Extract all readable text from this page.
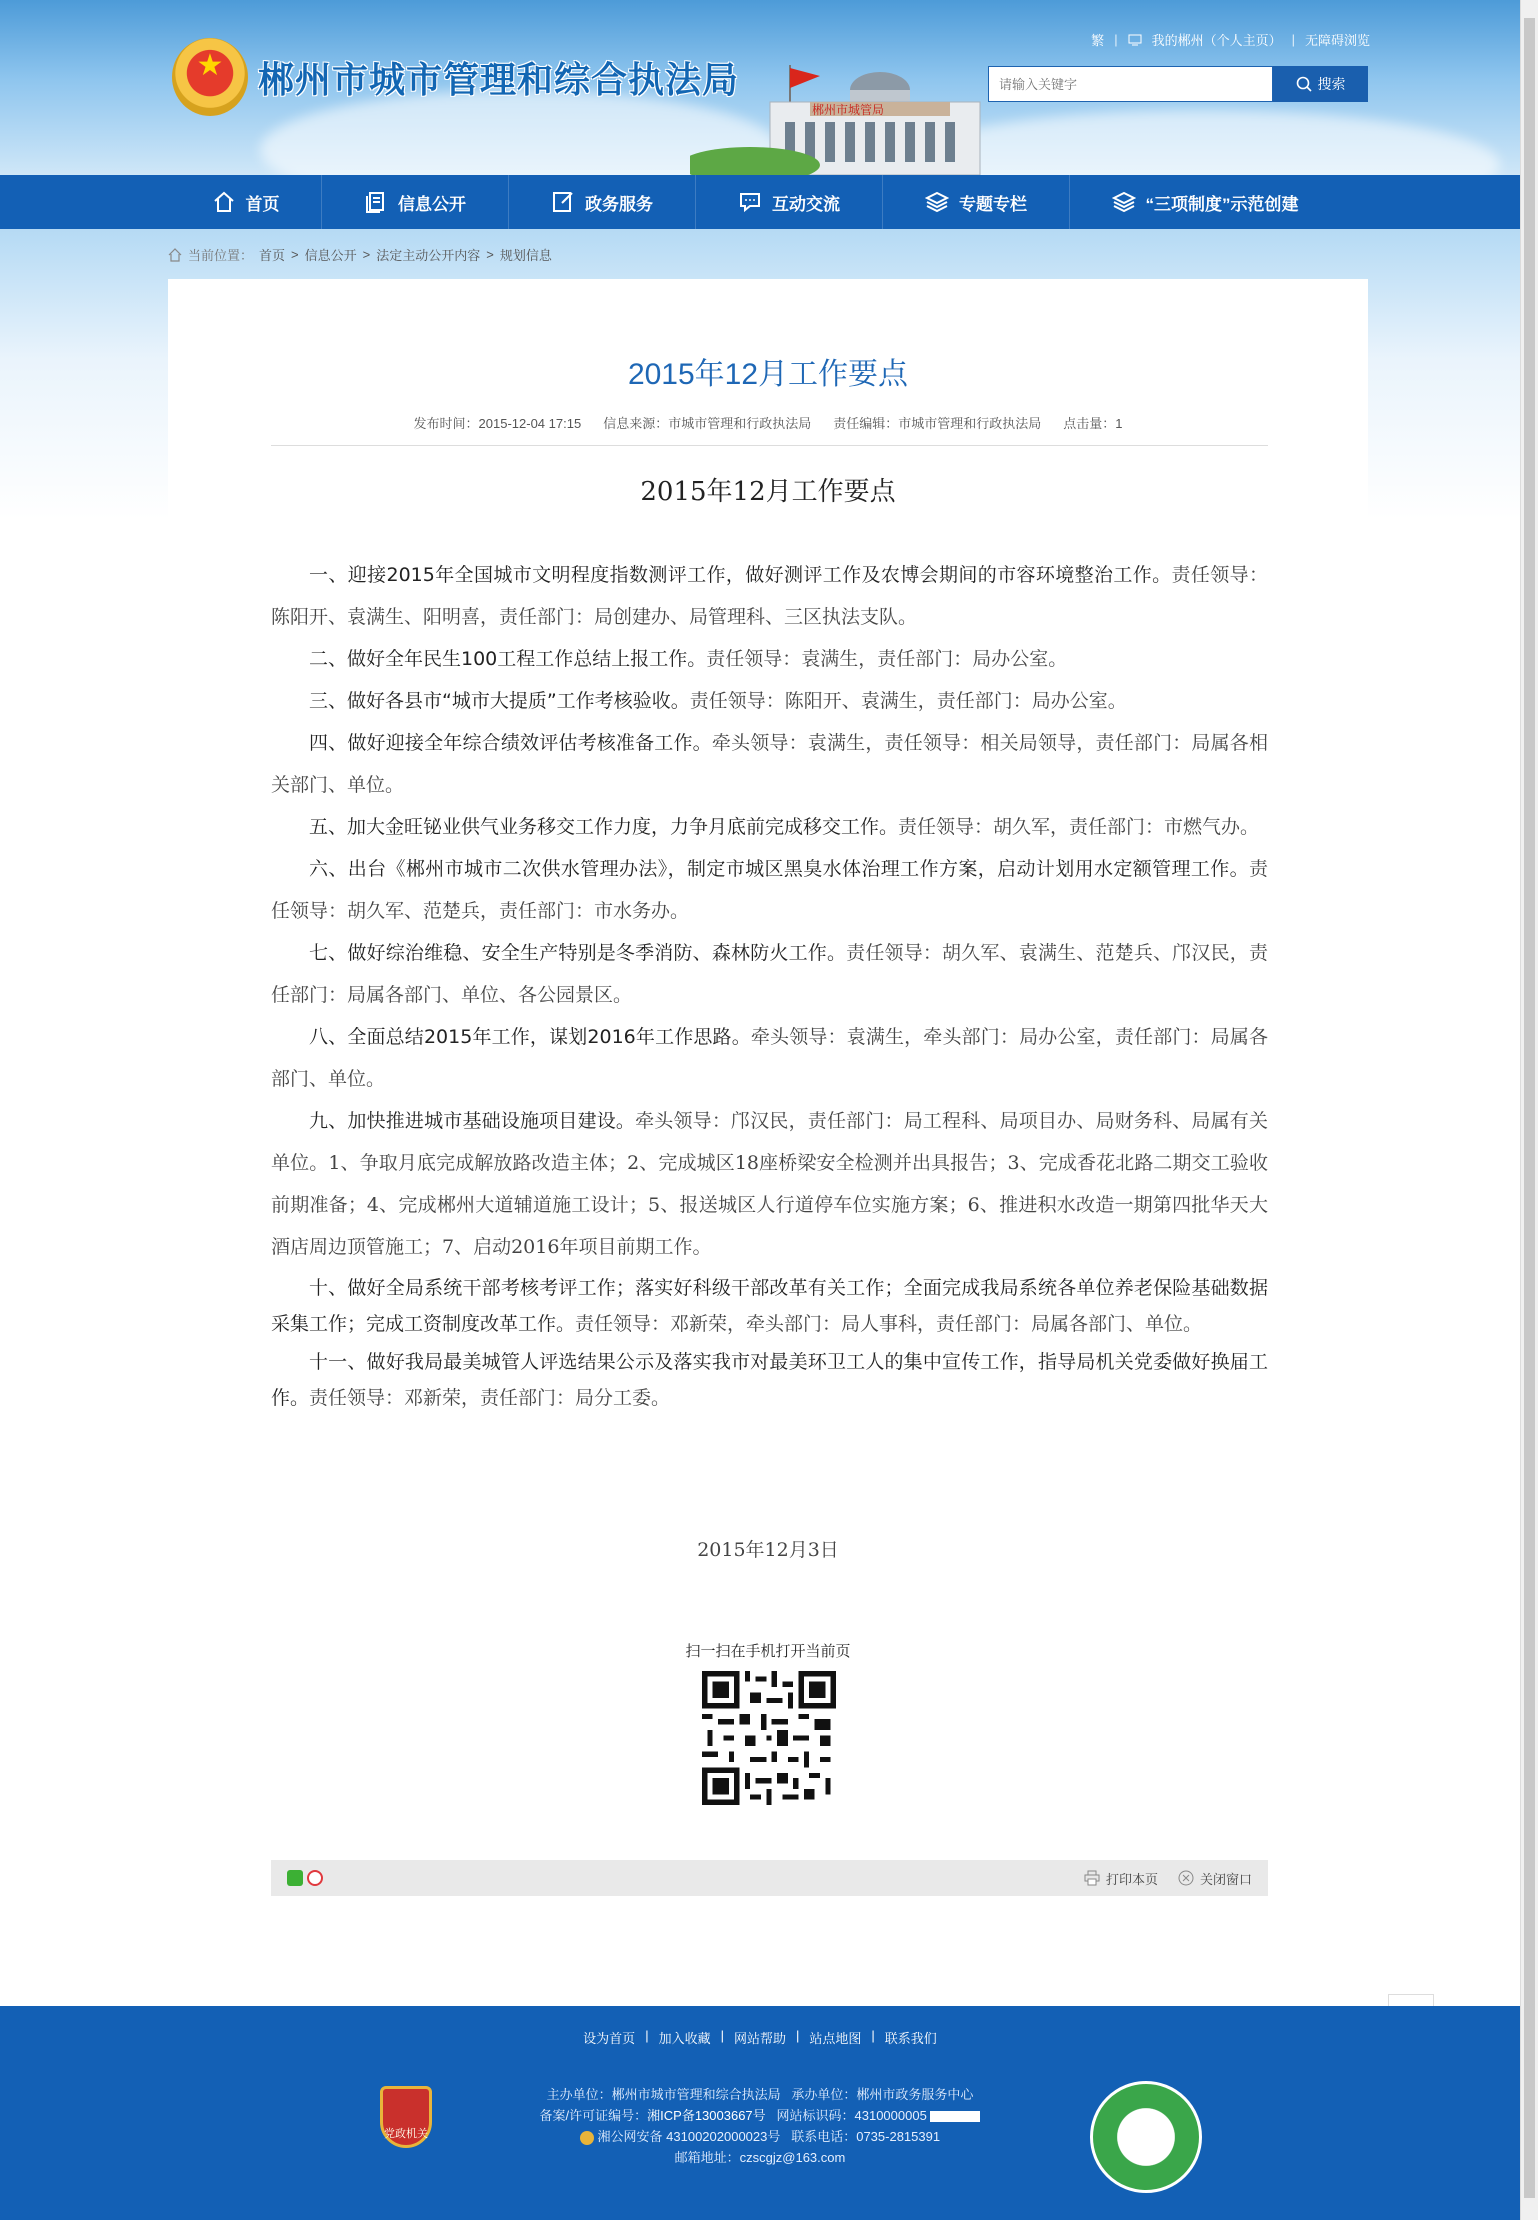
★
郴州市城市管理和综合执法局
郴州市城管局
繁 |	我的郴州（个人主页） | 无障碍浏览
请输入关键字
搜索
首页	信息公开	政务服务	互动交流	专题专栏	“三项制度”示范创建
当前位置： 首页 > 信息公开 > 法定主动公开内容 > 规划信息
2015年12月工作要点
发布时间：2015-12-04 17:15 信息来源：市城市管理和行政执法局 责任编辑：市城市管理和行政执法局 点击量：1
2015年12月工作要点

一、迎接2015年全国城市文明程度指数测评工作，做好测评工作及农博会期间的市容环境整治工作。责任领导：陈阳开、袁满生、阳明喜，责任部门：局创建办、局管理科、三区执法支队。

二、做好全年民生100工程工作总结上报工作。责任领导：袁满生，责任部门：局办公室。

三、做好各县市“城市大提质”工作考核验收。责任领导：陈阳开、袁满生，责任部门：局办公室。

四、做好迎接全年综合绩效评估考核准备工作。牵头领导：袁满生，责任领导：相关局领导，责任部门：局属各相关部门、单位。

五、加大金旺铋业供气业务移交工作力度，力争月底前完成移交工作。责任领导：胡久军，责任部门：市燃气办。

六、出台《郴州市城市二次供水管理办法》，制定市城区黑臭水体治理工作方案，启动计划用水定额管理工作。责任领导：胡久军、范楚兵，责任部门：市水务办。

七、做好综治维稳、安全生产特别是冬季消防、森林防火工作。责任领导：胡久军、袁满生、范楚兵、邝汉民，责任部门：局属各部门、单位、各公园景区。

八、全面总结2015年工作，谋划2016年工作思路。牵头领导：袁满生，牵头部门：局办公室，责任部门：局属各部门、单位。

九、加快推进城市基础设施项目建设。牵头领导：邝汉民，责任部门：局工程科、局项目办、局财务科、局属有关单位。1、争取月底完成解放路改造主体；2、完成城区18座桥梁安全检测并出具报告；3、完成香花北路二期交工验收前期准备；4、完成郴州大道辅道施工设计；5、报送城区人行道停车位实施方案；6、推进积水改造一期第四批华天大酒店周边顶管施工；7、启动2016年项目前期工作。

十、做好全局系统干部考核考评工作；落实好科级干部改革有关工作；全面完成我局系统各单位养老保险基础数据采集工作；完成工资制度改革工作。责任领导：邓新荣，牵头部门：局人事科，责任部门：局属各部门、单位。

十一、做好我局最美城管人评选结果公示及落实我市对最美环卫工人的集中宣传工作，指导局机关党委做好换届工作。责任领导：邓新荣，责任部门：局分工委。

2015年12月3日
扫一扫在手机打开当前页
打印本页	关闭窗口
设为首页 | 加入收藏 | 网站帮助 | 站点地图 | 联系我们
党政机关
主办单位：郴州市城市管理和综合执法局 承办单位：郴州市政务服务中心
备案/许可证编号：湘ICP备13003667号 网站标识码：4310000005
湘公网安备 43100202000023号 联系电话：0735-2815391
邮箱地址：czscgjz@163.com
